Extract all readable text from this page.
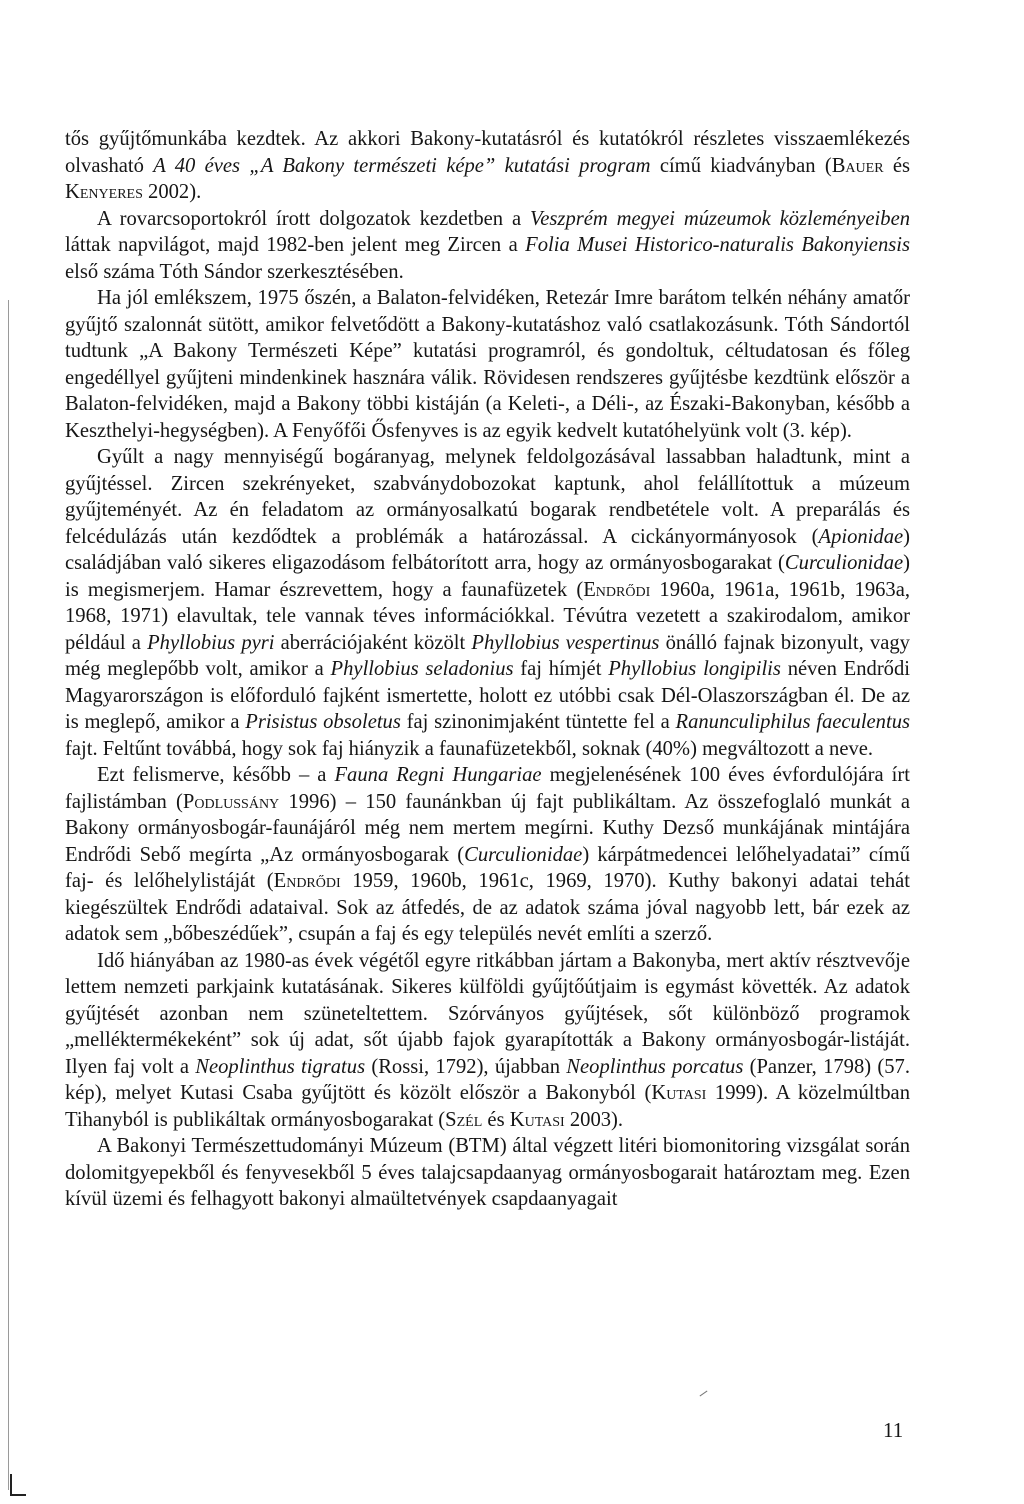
tős gyűjtőmunkába kezdtek. Az akkori Bakony-kutatásról és kutatókról részletes visszaemlékezés olvasható A 40 éves „A Bakony természeti képe” kutatási program című kiadványban (Bauer és Kenyeres 2002).

A rovarcsoportokról írott dolgozatok kezdetben a Veszprém megyei múzeumok közleményeiben láttak napvilágot, majd 1982-ben jelent meg Zircen a Folia Musei Historico-naturalis Bakonyiensis első száma Tóth Sándor szerkesztésében.

Ha jól emlékszem, 1975 őszén, a Balaton-felvidéken, Retezár Imre barátom telkén néhány amatőr gyűjtő szalonnát sütött, amikor felvetődött a Bakony-kutatáshoz való csatlakozásunk. Tóth Sándortól tudtunk „A Bakony Természeti Képe” kutatási programról, és gondoltuk, céltudatosan és főleg engedéllyel gyűjteni mindenkinek hasznára válik. Rövidesen rendszeres gyűjtésbe kezdtünk először a Balaton-felvidéken, majd a Bakony többi kistáján (a Keleti-, a Déli-, az Északi-Bakonyban, később a Keszthelyi-hegységben). A Fenyőfői Ősfenyves is az egyik kedvelt kutatóhelyünk volt (3. kép).

Gyűlt a nagy mennyiségű bogáranyag, melynek feldolgozásával lassabban haladtunk, mint a gyűjtéssel. Zircen szekrényeket, szabványdobozokat kaptunk, ahol felállítottuk a múzeum gyűjteményét. Az én feladatom az ormányosalkatú bogarak rendbetétele volt. A preparálás és felcédulázás után kezdődtek a problémák a határozással. A cickányormányosok (Apionidae) családjában való sikeres eligazodásom felbátorított arra, hogy az ormányosbogarakat (Curculionidae) is megismerjem. Hamar észrevettem, hogy a faunafüzetek (Endrődi 1960a, 1961a, 1961b, 1963a, 1968, 1971) elavultak, tele vannak téves információkkal. Tévútra vezetett a szakirodalom, amikor például a Phyllobius pyri aberrációjaként közölt Phyllobius vespertinus önálló fajnak bizonyult, vagy még meglepőbb volt, amikor a Phyllobius seladonius faj hímjét Phyllobius longipilis néven Endrődi Magyarországon is előforduló fajként ismertette, holott ez utóbbi csak Dél-Olaszországban él. De az is meglepő, amikor a Prisistus obsoletus faj szinonimjaként tüntette fel a Ranunculiphilus faeculentus fajt. Feltűnt továbbá, hogy sok faj hiányzik a faunafüzetekből, soknak (40%) megváltozott a neve.

Ezt felismerve, később – a Fauna Regni Hungariae megjelenésének 100 éves évfordulójára írt fajlistámban (Podlussány 1996) – 150 faunánkban új fajt publikáltam. Az összefoglaló munkát a Bakony ormányosbogár-faunájáról még nem mertem megírni. Kuthy Dezső munkájának mintájára Endrődi Sebő megírta „Az ormányosbogarak (Curculionidae) kárpátmedencei lelőhelyadatai” című faj- és lelőhelylistáját (Endrődi 1959, 1960b, 1961c, 1969, 1970). Kuthy bakonyi adatai tehát kiegészültek Endrődi adataival. Sok az átfedés, de az adatok száma jóval nagyobb lett, bár ezek az adatok sem „bőbeszédűek”, csupán a faj és egy település nevét említi a szerző.

Idő hiányában az 1980-as évek végétől egyre ritkábban jártam a Bakonyba, mert aktív résztvevője lettem nemzeti parkjaink kutatásának. Sikeres külföldi gyűjtőútjaim is egymást követték. Az adatok gyűjtését azonban nem szüneteltettem. Szórványos gyűjtések, sőt különböző programok „melléktermékeként” sok új adat, sőt újabb fajok gyarapították a Bakony ormányosbogár-listáját. Ilyen faj volt a Neoplinthus tigratus (Rossi, 1792), újabban Neoplinthus porcatus (Panzer, 1798) (57. kép), melyet Kutasi Csaba gyűjtött és közölt először a Bakonyból (Kutasi 1999). A közelmúltban Tihanyból is publikáltak ormányosbogarakat (Szél és Kutasi 2003).

A Bakonyi Természettudományi Múzeum (BTM) által végzett litéri biomonitoring vizsgálat során dolomitgyepekből és fenyvesekből 5 éves talajcsapdaanyag ormányosbogarait határoztam meg. Ezen kívül üzemi és felhagyott bakonyi almaültetvények csapdaanyagait

11
